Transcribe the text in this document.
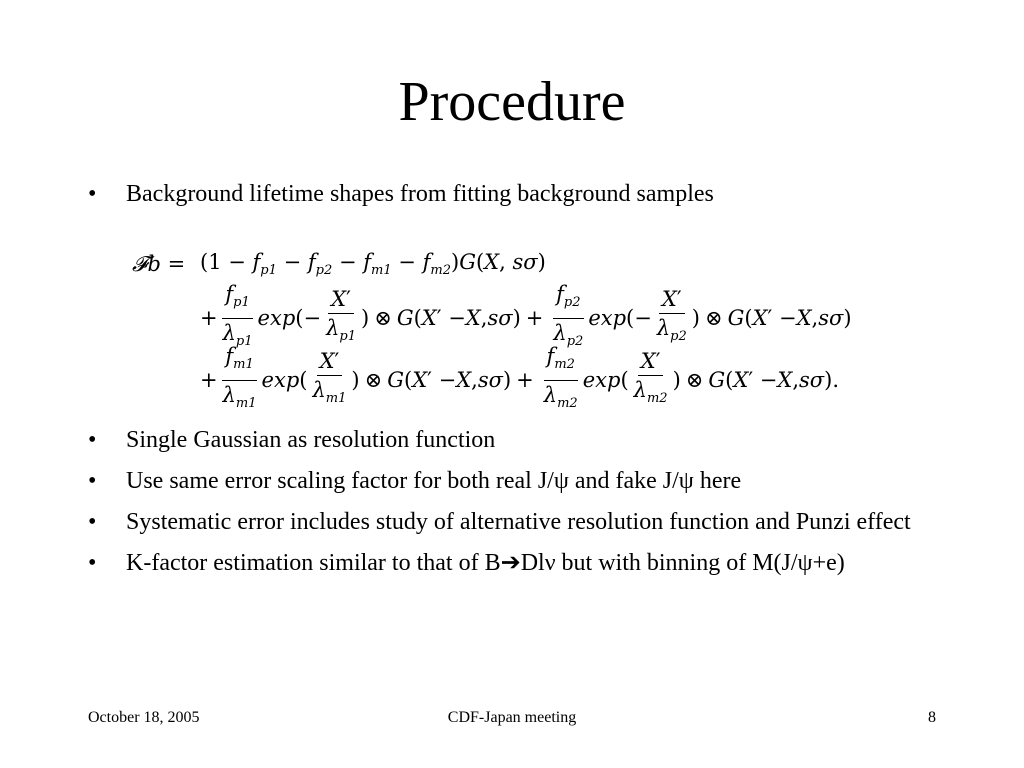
Procedure
• Background lifetime shapes from fitting background samples
𝓕b = $(1 - f_{p1} - f_{p2} - f_{m1} - f_{m2})G(X$, sσ)
+ $\frac{f_{p1}}{\lambda_{p1}}$ exp (− $\frac{X'}{\lambda_{p1}}$ ) ⊗ G ( X ′ − X , sσ ) + $\frac{f_{p2}}{\lambda_{p2}}$ exp (− $\frac{X'}{\lambda_{p2}}$ ) ⊗ G ( X ′ − X , sσ )
+ $\frac{f_{m1}}{\lambda_{m1}}$ exp ( $\frac{X'}{\lambda_{m1}}$ ) ⊗ G ( X ′ − X , sσ ) + $\frac{f_{m2}}{\lambda_{m2}}$ exp ( $\frac{X'}{\lambda_{m2}}$ ) ⊗ G ( X ′ − X , sσ ).
• Single Gaussian as resolution function
• Use same error scaling factor for both real J/ψ and fake J/ψ here
• Systematic error includes study of alternative resolution function and Punzi effect
• K-factor estimation similar to that of B➔Dlν but with binning of M(J/ψ+e)
October 18, 2005	CDF-Japan meeting	8
